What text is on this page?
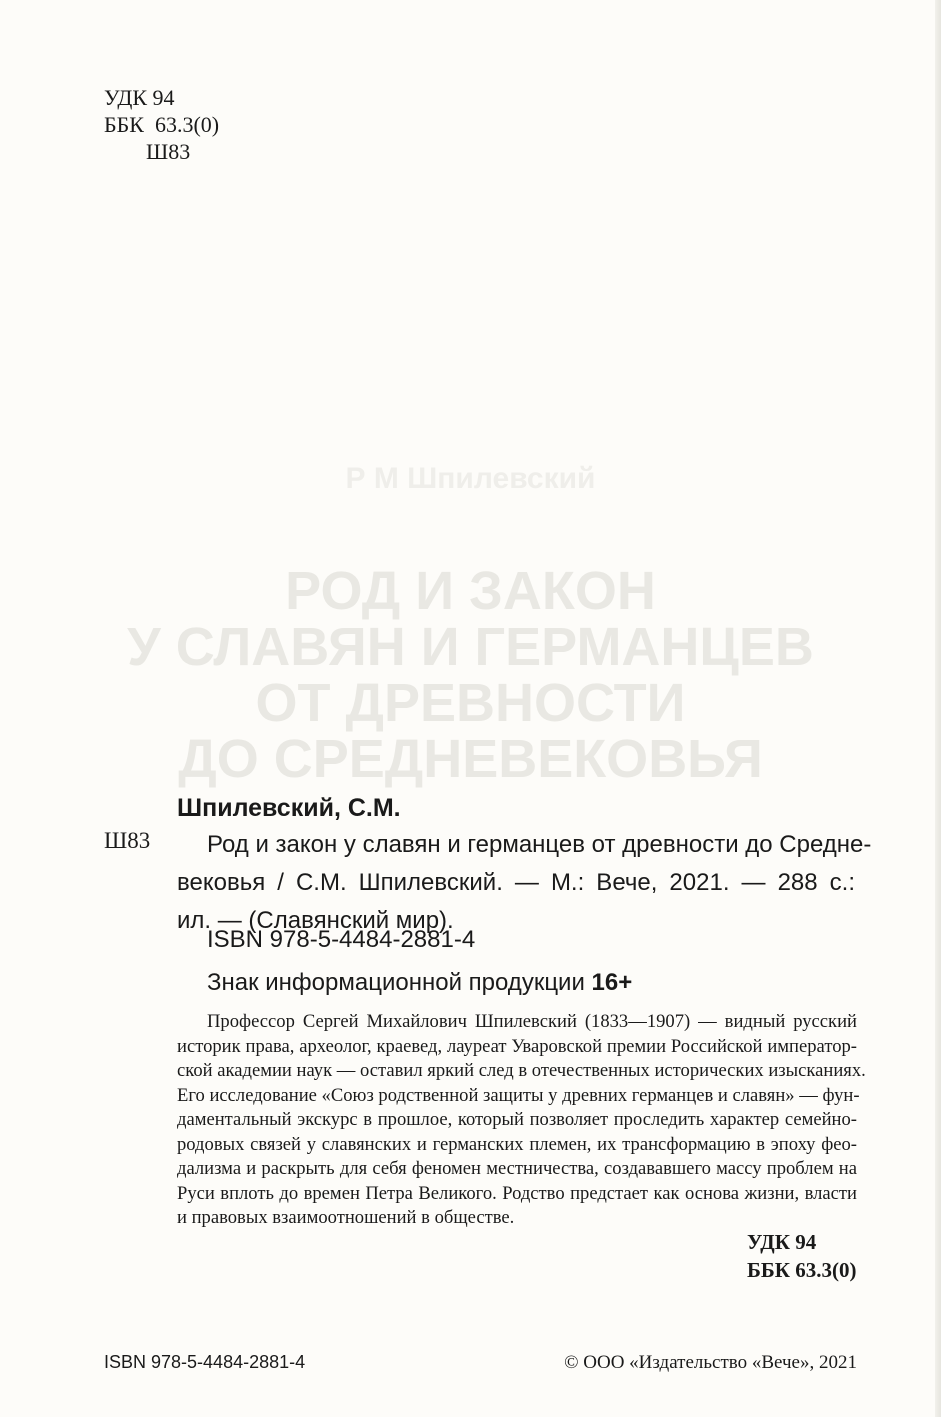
Р М Шпилевский
РОД И ЗАКОН
У СЛАВЯН И ГЕРМАНЦЕВ
ОТ ДРЕВНОСТИ
ДО СРЕДНЕВЕКОВЬЯ
УДК 94
ББК  63.3(0)
Ш83
Шпилевский, С.М.
Ш83	Род и закон у славян и германцев от древности до Средне-
вековья / С.М. Шпилевский. — М.: Вече, 2021. — 288 с.:
ил. — (Славянский мир).
ISBN 978-5-4484-2881-4
Знак информационной продукции 16+
Профессор Сергей Михайлович Шпилевский (1833—1907) — видный русский
историк права, археолог, краевед, лауреат Уваровской премии Российской император-
ской академии наук — оставил яркий след в отечественных исторических изысканиях.
Его исследование «Союз родственной защиты у древних германцев и славян» — фун-
даментальный экскурс в прошлое, который позволяет проследить характер семейно-
родовых связей у славянских и германских племен, их трансформацию в эпоху фео-
дализма и раскрыть для себя феномен местничества, создававшего массу проблем на
Руси вплоть до времен Петра Великого. Родство предстает как основа жизни, власти
и правовых взаимоотношений в обществе.
УДК 94
ББК 63.3(0)
ISBN 978-5-4484-2881-4	© ООО «Издательство «Вече», 2021
